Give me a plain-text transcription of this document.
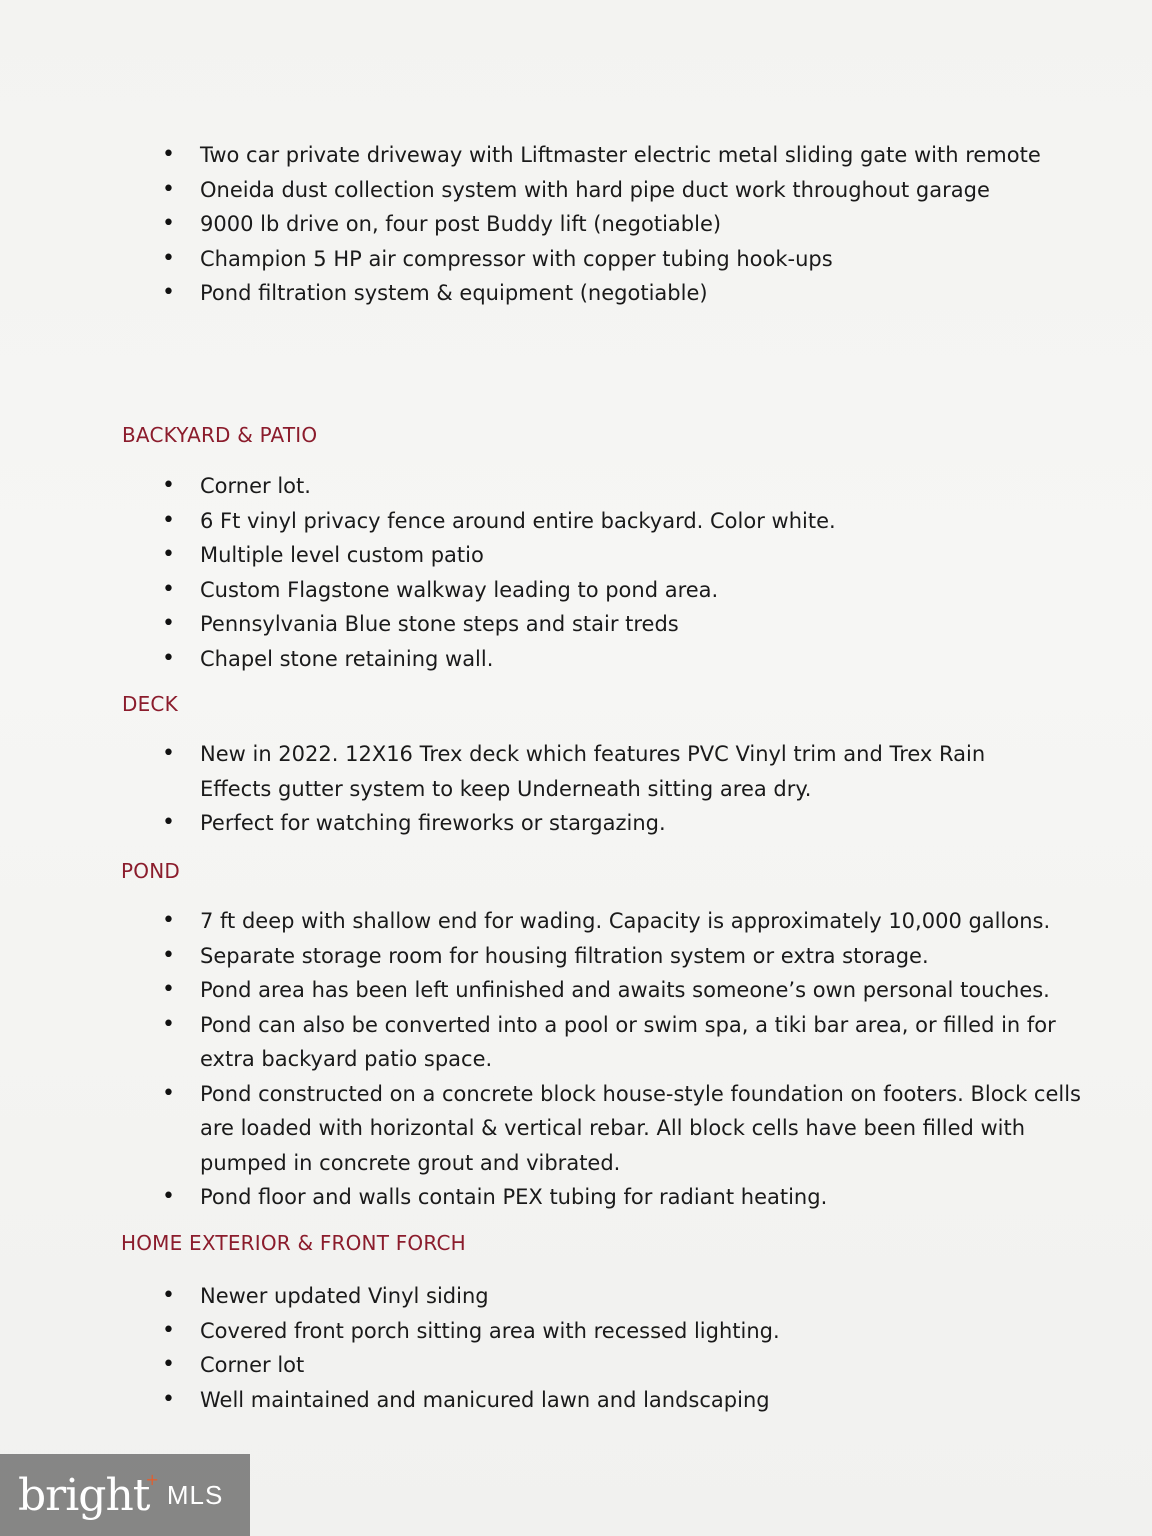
• Two car private driveway with Liftmaster electric metal sliding gate with remote
• Oneida dust collection system with hard pipe duct work throughout garage
• 9000 lb drive on, four post Buddy lift (negotiable)
• Champion 5 HP air compressor with copper tubing hook-ups
• Pond filtration system & equipment (negotiable)
BACKYARD & PATIO
• Corner lot.
• 6 Ft vinyl privacy fence around entire backyard. Color white.
• Multiple level custom patio
• Custom Flagstone walkway leading to pond area.
• Pennsylvania Blue stone steps and stair treds
• Chapel stone retaining wall.
DECK
• New in 2022. 12X16 Trex deck which features PVC Vinyl trim and Trex Rain Effects gutter system to keep Underneath sitting area dry.
• Perfect for watching fireworks or stargazing.
POND
• 7 ft deep with shallow end for wading. Capacity is approximately 10,000 gallons.
• Separate storage room for housing filtration system or extra storage.
• Pond area has been left unfinished and awaits someone’s own personal touches.
• Pond can also be converted into a pool or swim spa, a tiki bar area, or filled in for extra backyard patio space.
• Pond constructed on a concrete block house-style foundation on footers. Block cells are loaded with horizontal & vertical rebar. All block cells have been filled with pumped in concrete grout and vibrated.
• Pond floor and walls contain PEX tubing for radiant heating.
HOME EXTERIOR & FRONT FORCH
• Newer updated Vinyl siding
• Covered front porch sitting area with recessed lighting.
• Corner lot
• Well maintained and manicured lawn and landscaping
bright
+
MLS
